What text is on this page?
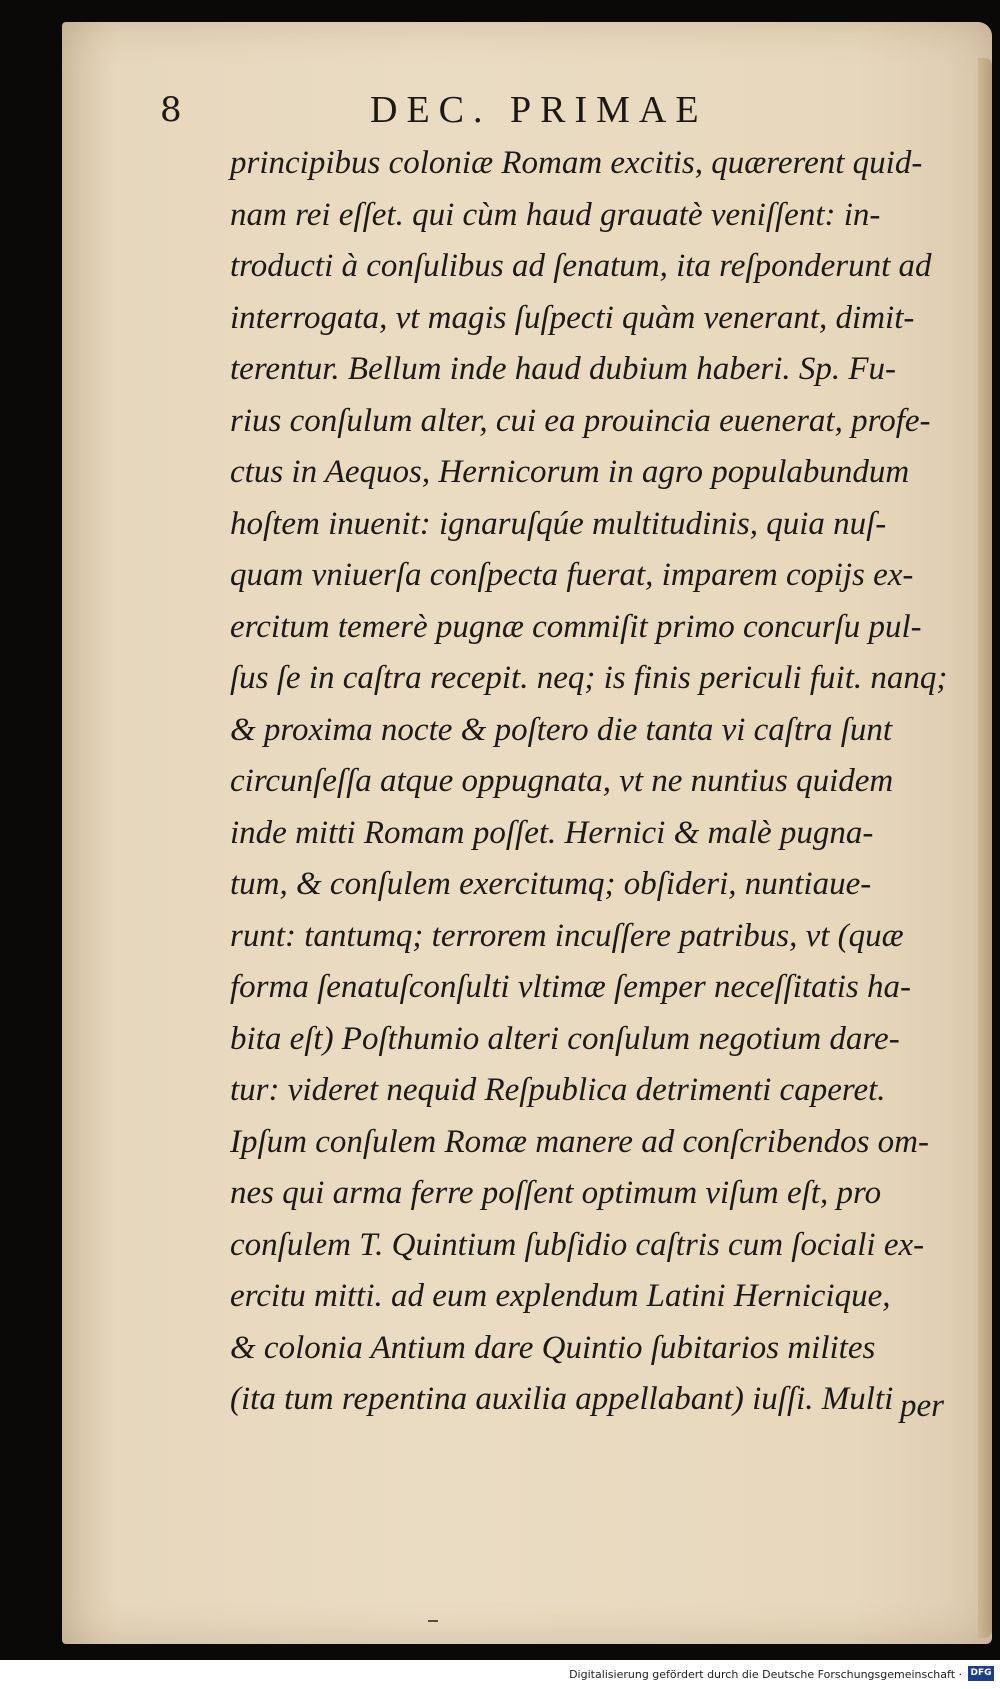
8	DEC. PRIMAE
principibus coloniæ Romam excitis, quærerent quid-
nam rei eſſet. qui cùm haud grauatè veniſſent: in-
troducti à conſulibus ad ſenatum, ita reſponderunt ad
interrogata, vt magis ſuſpecti quàm venerant, dimit-
terentur. Bellum inde haud dubium haberi. Sp. Fu-
rius conſulum alter, cui ea prouincia euenerat, profe-
ctus in Aequos, Hernicorum in agro populabundum
hoſtem inuenit: ignaruſqúe multitudinis, quia nuſ-
quam vniuerſa conſpecta fuerat, imparem copijs ex-
ercitum temerè pugnæ commiſit primo concurſu pul-
ſus ſe in caſtra recepit. neq; is finis periculi fuit. nanq;
& proxima nocte & poſtero die tanta vi caſtra ſunt
circunſeſſa atque oppugnata, vt ne nuntius quidem
inde mitti Romam poſſet. Hernici & malè pugna-
tum, & conſulem exercitumq; obſideri, nuntiaue-
runt: tantumq; terrorem incuſſere patribus, vt (quæ
forma ſenatuſconſulti vltimæ ſemper neceſſitatis ha-
bita eſt) Poſthumio alteri conſulum negotium dare-
tur: videret nequid Reſpublica detrimenti caperet.
Ipſum conſulem Romæ manere ad conſcribendos om-
nes qui arma ferre poſſent optimum viſum eſt, pro
conſulem T. Quintium ſubſidio caſtris cum ſociali ex-
ercitu mitti. ad eum explendum Latini Hernicique,
& colonia Antium dare Quintio ſubitarios milites
(ita tum repentina auxilia appellabant) iuſſi. Multi per
Digitalisierung gefördert durch die Deutsche Forschungsgemeinschaft · DFG
